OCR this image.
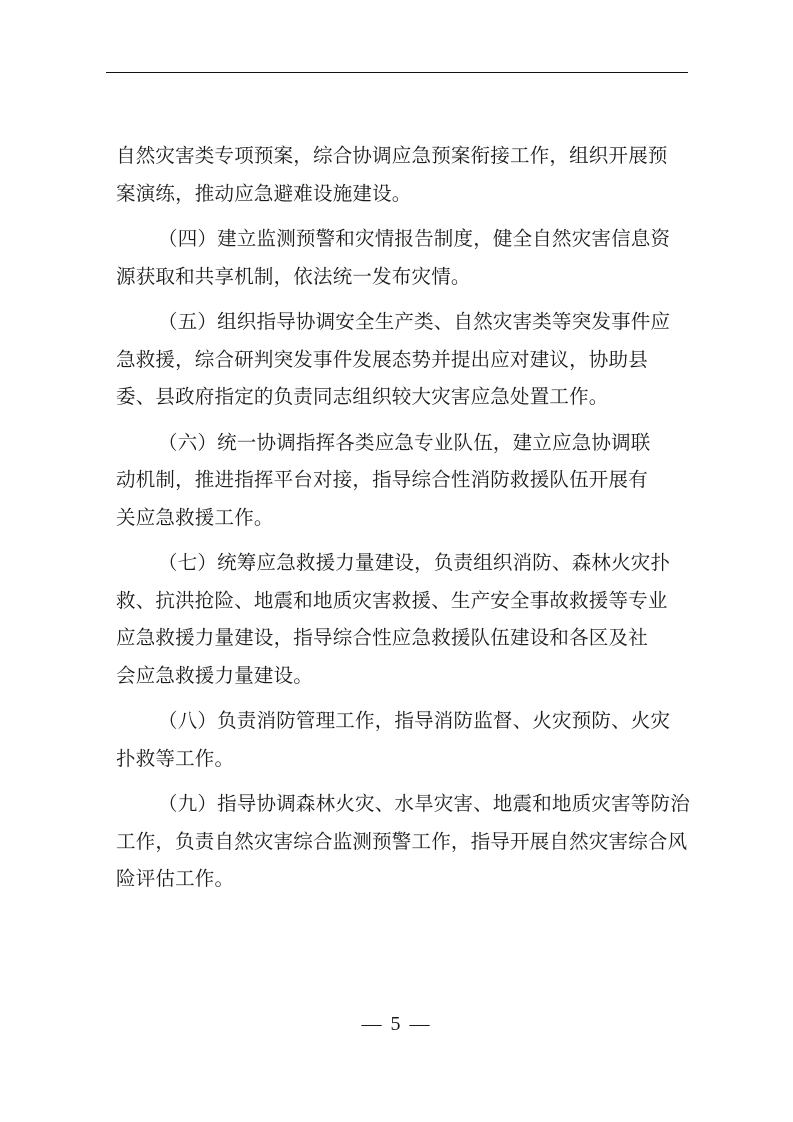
自然灾害类专项预案，综合协调应急预案衔接工作，组织开展预
案演练，推动应急避难设施建设。

（四）建立监测预警和灾情报告制度，健全自然灾害信息资
源获取和共享机制，依法统一发布灾情。

（五）组织指导协调安全生产类、自然灾害类等突发事件应
急救援，综合研判突发事件发展态势并提出应对建议，协助县
委、县政府指定的负责同志组织较大灾害应急处置工作。

（六）统一协调指挥各类应急专业队伍，建立应急协调联
动机制，推进指挥平台对接，指导综合性消防救援队伍开展有
关应急救援工作。

（七）统筹应急救援力量建设，负责组织消防、森林火灾扑
救、抗洪抢险、地震和地质灾害救援、生产安全事故救援等专业
应急救援力量建设，指导综合性应急救援队伍建设和各区及社
会应急救援力量建设。

（八）负责消防管理工作，指导消防监督、火灾预防、火灾
扑救等工作。

（九）指导协调森林火灾、水旱灾害、地震和地质灾害等防治
工作，负责自然灾害综合监测预警工作，指导开展自然灾害综合风
险评估工作。

— 5 —
